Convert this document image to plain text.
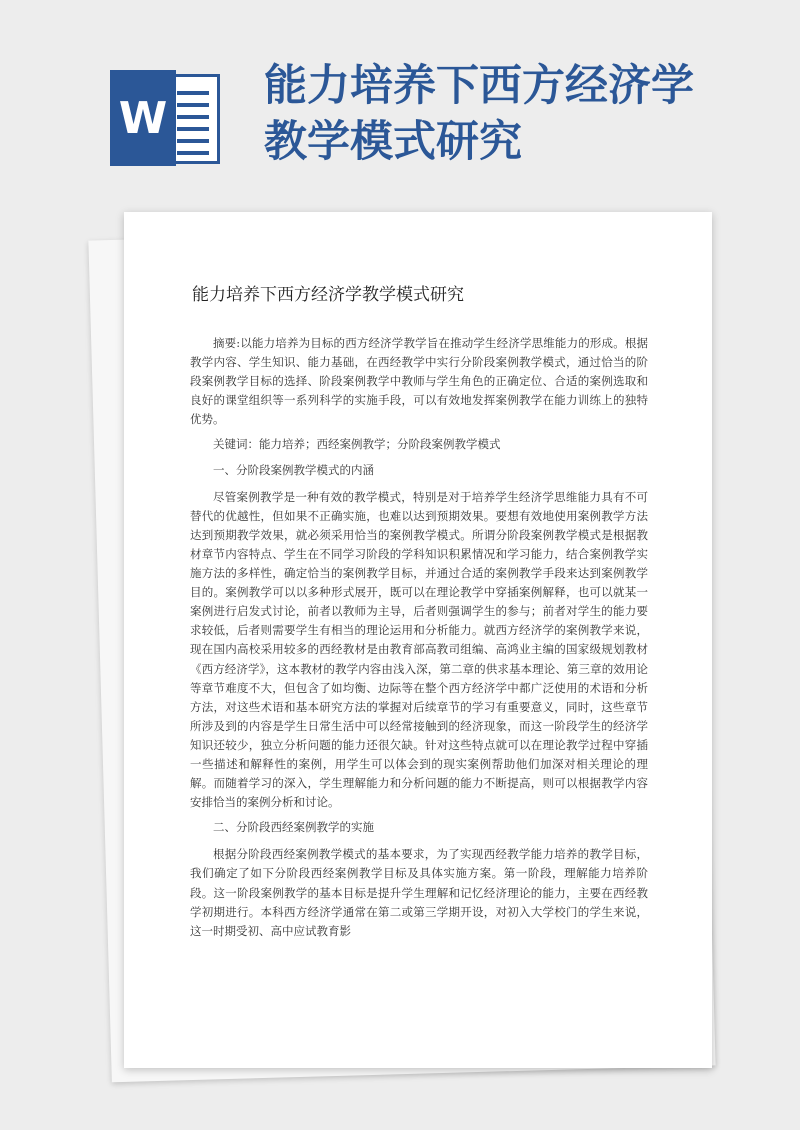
W
能力培养下西方经济学
教学模式研究
能力培养下西方经济学教学模式研究

摘要:以能力培养为目标的西方经济学教学旨在推动学生经济学思维能力的形成。根据教学内容、学生知识、能力基础，在西经教学中实行分阶段案例教学模式，通过恰当的阶段案例教学目标的选择、阶段案例教学中教师与学生角色的正确定位、合适的案例选取和良好的课堂组织等一系列科学的实施手段，可以有效地发挥案例教学在能力训练上的独特优势。

关键词：能力培养；西经案例教学；分阶段案例教学模式

一、分阶段案例教学模式的内涵

尽管案例教学是一种有效的教学模式，特别是对于培养学生经济学思维能力具有不可替代的优越性，但如果不正确实施，也难以达到预期效果。要想有效地使用案例教学方法达到预期教学效果，就必须采用恰当的案例教学模式。所谓分阶段案例教学模式是根据教材章节内容特点、学生在不同学习阶段的学科知识积累情况和学习能力，结合案例教学实施方法的多样性，确定恰当的案例教学目标，并通过合适的案例教学手段来达到案例教学目的。案例教学可以以多种形式展开，既可以在理论教学中穿插案例解释，也可以就某一案例进行启发式讨论，前者以教师为主导，后者则强调学生的参与；前者对学生的能力要求较低，后者则需要学生有相当的理论运用和分析能力。就西方经济学的案例教学来说，现在国内高校采用较多的西经教材是由教育部高教司组编、高鸿业主编的国家级规划教材《西方经济学》，这本教材的教学内容由浅入深，第二章的供求基本理论、第三章的效用论等章节难度不大，但包含了如均衡、边际等在整个西方经济学中都广泛使用的术语和分析方法，对这些术语和基本研究方法的掌握对后续章节的学习有重要意义，同时，这些章节所涉及到的内容是学生日常生活中可以经常接触到的经济现象，而这一阶段学生的经济学知识还较少，独立分析问题的能力还很欠缺。针对这些特点就可以在理论教学过程中穿插一些描述和解释性的案例，用学生可以体会到的现实案例帮助他们加深对相关理论的理解。而随着学习的深入，学生理解能力和分析问题的能力不断提高，则可以根据教学内容安排恰当的案例分析和讨论。

二、分阶段西经案例教学的实施

根据分阶段西经案例教学模式的基本要求，为了实现西经教学能力培养的教学目标，我们确定了如下分阶段西经案例教学目标及具体实施方案。第一阶段，理解能力培养阶段。这一阶段案例教学的基本目标是提升学生理解和记忆经济理论的能力，主要在西经教学初期进行。本科西方经济学通常在第二或第三学期开设，对初入大学校门的学生来说，这一时期受初、高中应试教育影
